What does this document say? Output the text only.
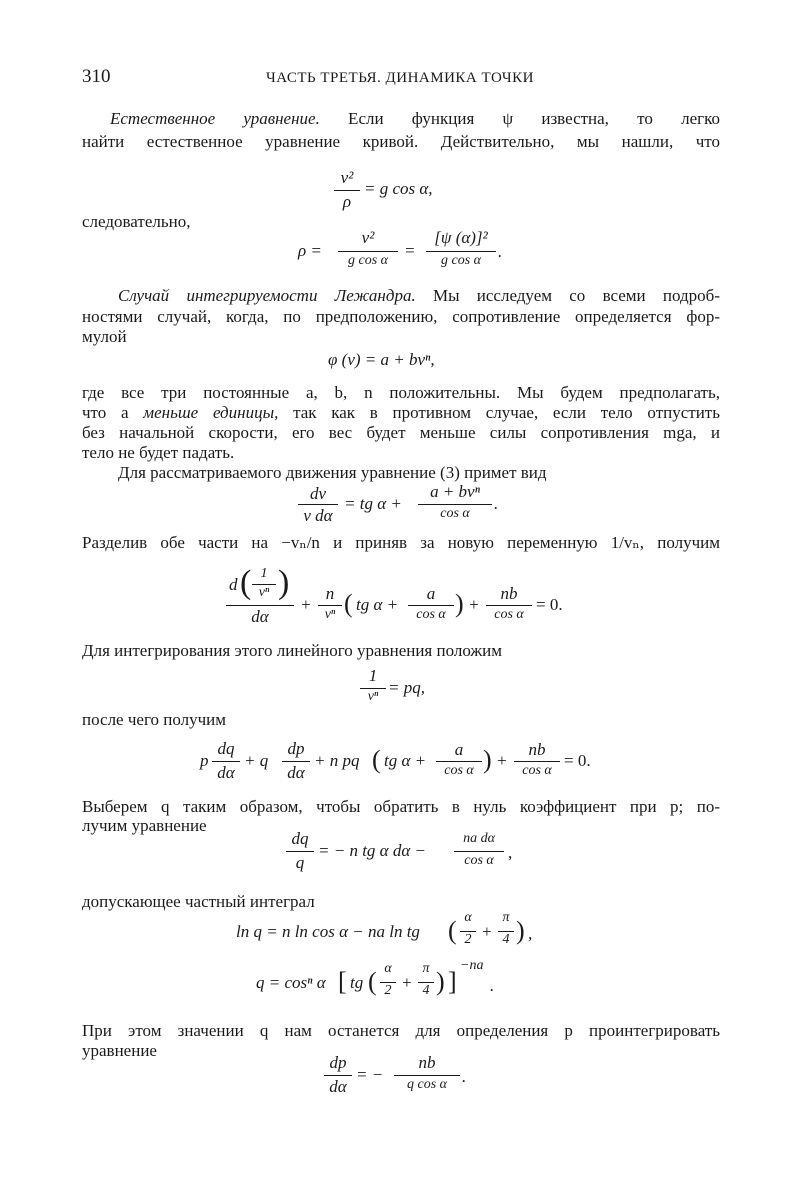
310	ЧАСТЬ ТРЕТЬЯ. ДИНАМИКА ТОЧКИ
Естественное уравнение. Если функция ψ известна, то легко
найти естественное уравнение кривой. Действительно, мы нашли, что
v²
ρ
= g cos α,
следовательно,
ρ =
v²
g cos α
=
[ψ (α)]²
g cos α	.
Случай интегрируемости Лежандра. Мы исследуем со всеми подроб-
ностями случай, когда, по предположению, сопротивление определяется фор-
мулой
φ (v) = a + bvⁿ,
где все три постоянные a, b, n положительны. Мы будем предполагать,
что a меньше единицы, так как в противном случае, если тело отпустить
без начальной скорости, его вес будет меньше силы сопротивления mga, и
тело не будет падать.
Для рассматриваемого движения уравнение (3) примет вид
dv
v dα
= tg α +
a + bvⁿ
cos α
.
Разделив обе части на −vₙ/n и приняв за новую переменную 1/vₙ, получим
d ( 1
vⁿ )
dα
+
n
vⁿ ( tg α +
a
cos α ) +
nb
cos α
= 0.
Для интегрирования этого линейного уравнения положим
1
vⁿ = pq,
после чего получим
p
dq
dα
+ q
dp
dα
+ n pq ( tg α +
a
cos α ) +
nb
cos α
= 0.
Выберем q таким образом, чтобы обратить в нуль коэффициент при p; по-
лучим уравнение
dq
q
= − n tg α dα −
na dα
cos α ,
допускающее частный интеграл
ln q = n ln cos α − na ln tg ( α
2 +
π
4 ) ,
q = cosⁿ α [ tg ( α
2 +
π
4 ) ]
−na
.
При этом значении q нам останется для определения p проинтегрировать
уравнение
dp
dα
= −
nb
q cos α .
